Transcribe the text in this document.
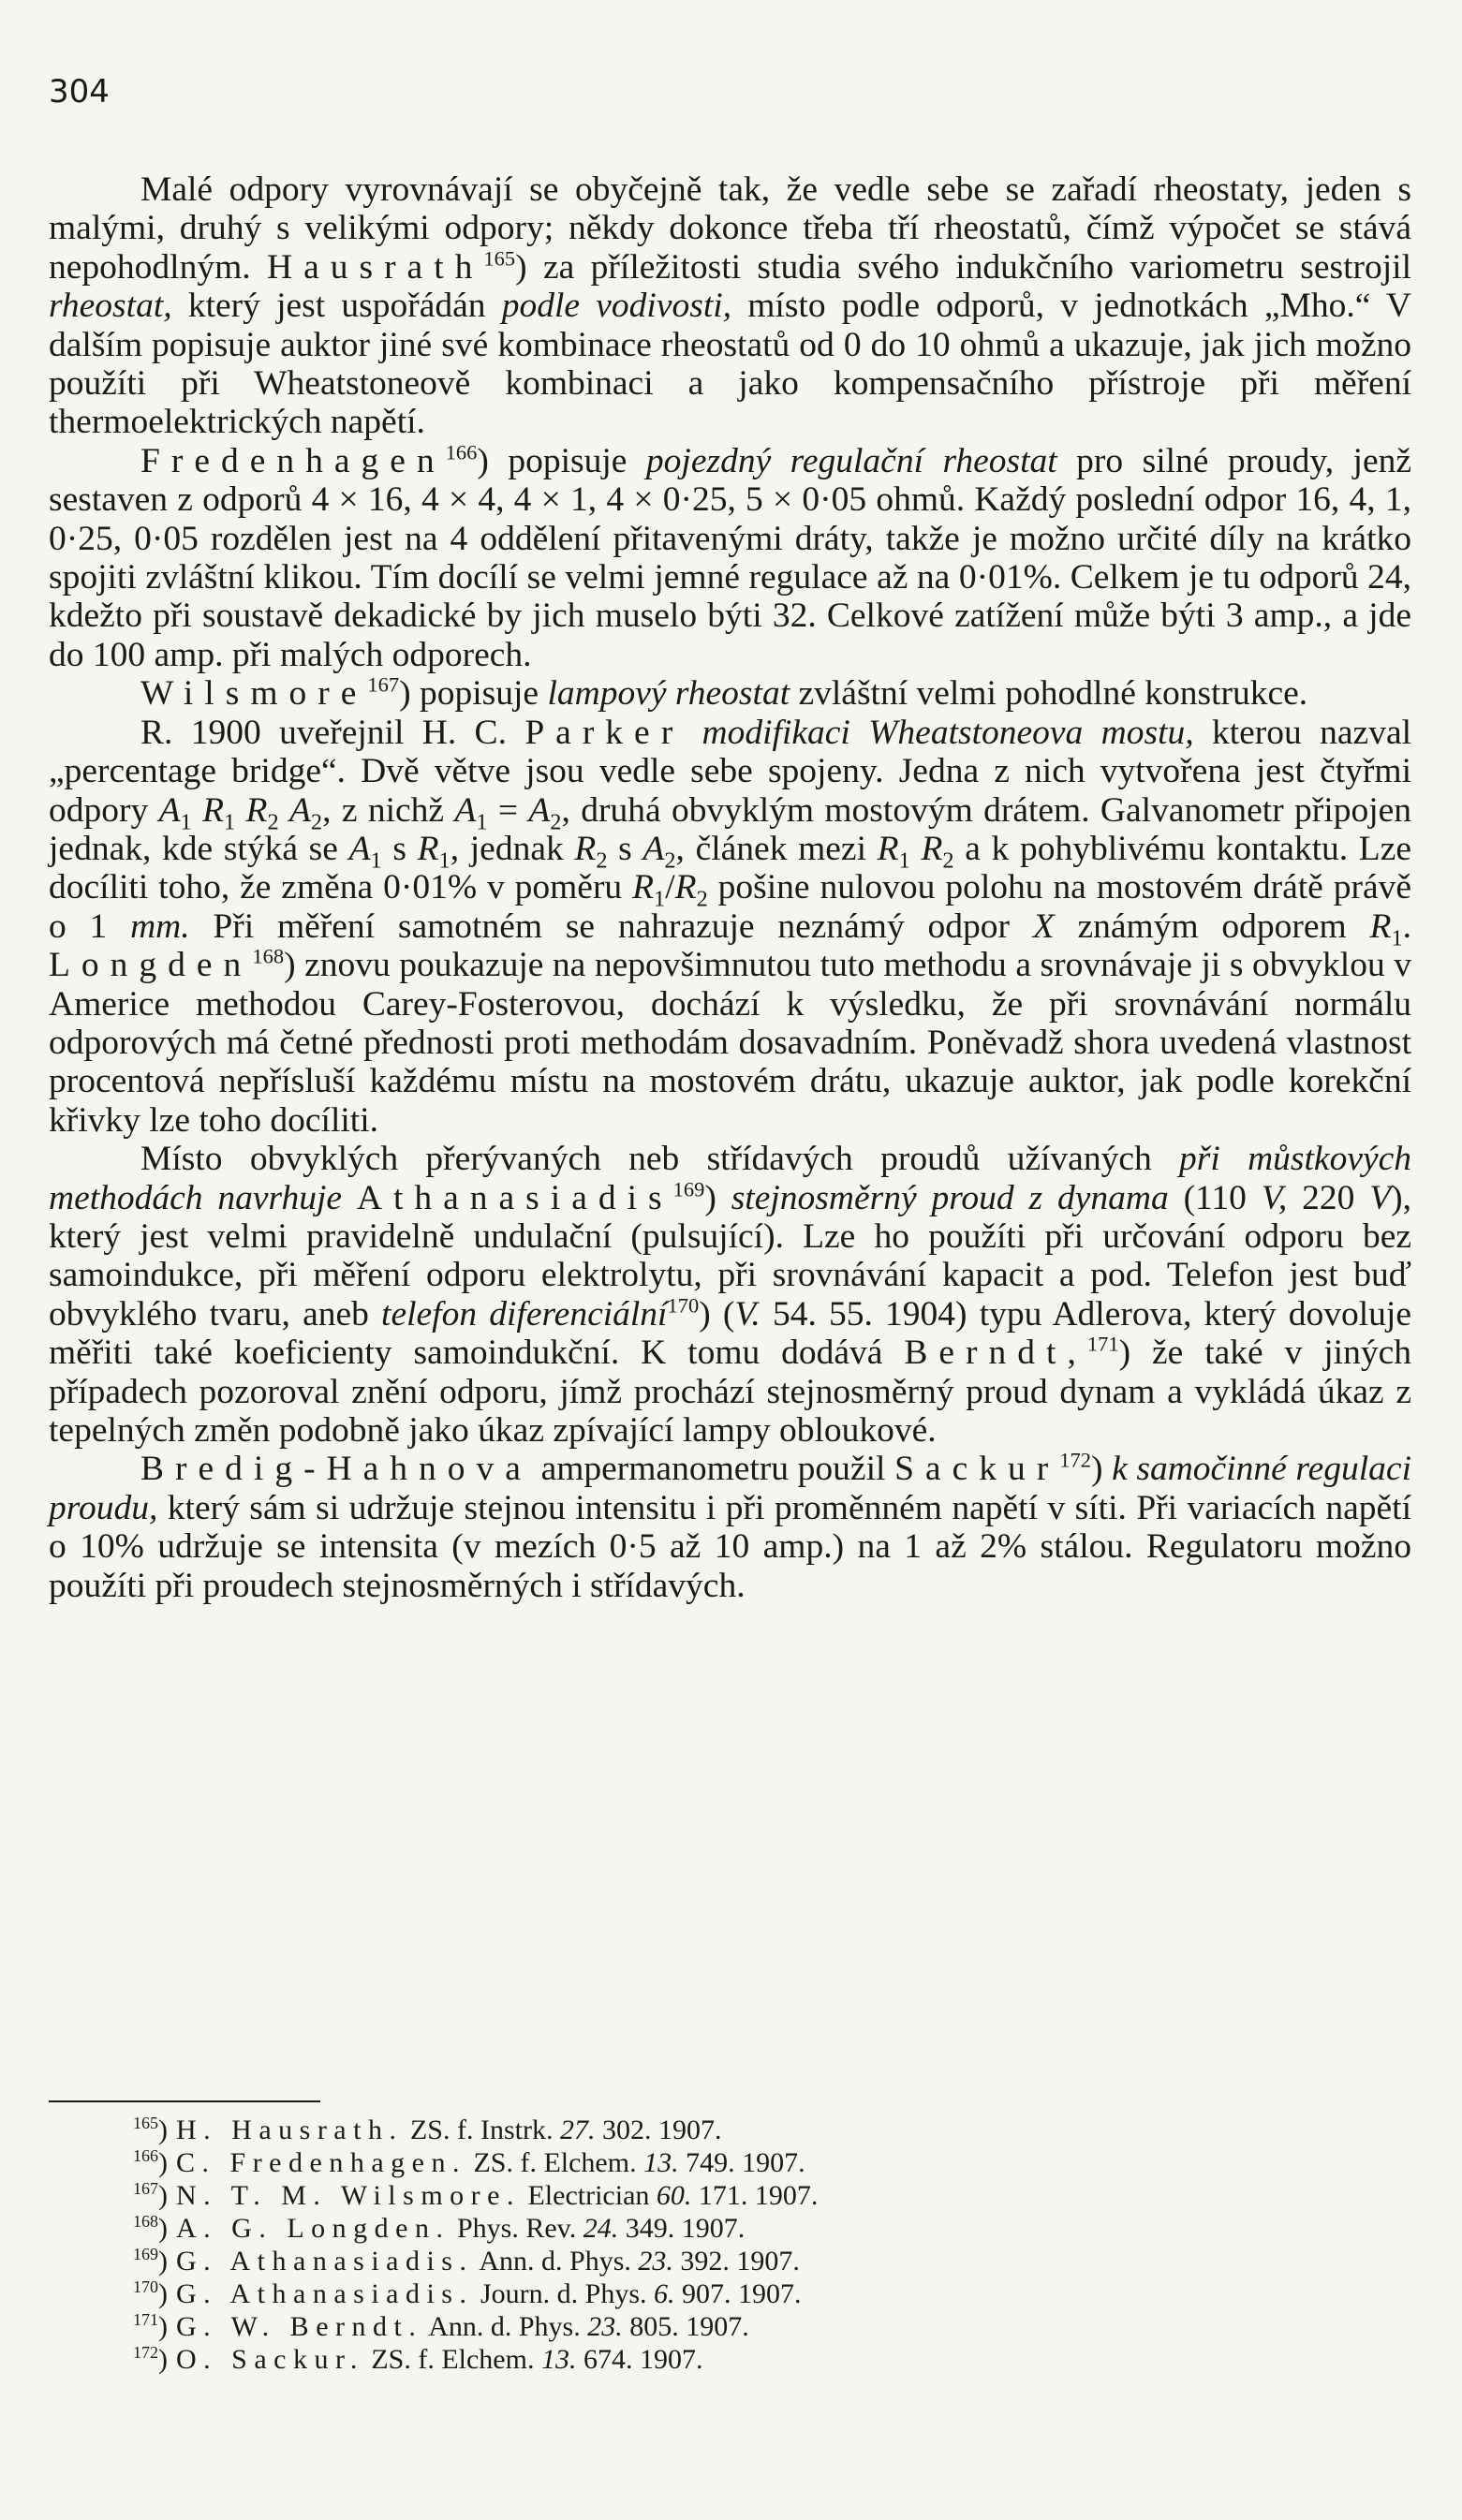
304

Malé odpory vyrovnávají se obyčejně tak, že vedle sebe se zařadí rheostaty, jeden s malými, druhý s velikými odpory; někdy dokonce třeba tří rheostatů, čímž výpočet se stává nepohodlným. Hausrath$^{165}$) za příležitosti studia svého indukčního variometru sestrojil rheostat, který jest uspořádán podle vodivosti, místo podle odporů, v jednotkách „Mho.“ V dalším popisuje auktor jiné své kombinace rheostatů od 0 do 10 ohmů a ukazuje, jak jich možno použíti při Wheatstoneově kombinaci a jako kompensačního přístroje při měření thermoelektrických napětí.

Fredenhagen$^{166}$) popisuje pojezdný regulační rheostat pro silné proudy, jenž sestaven z odporů 4 × 16, 4 × 4, 4 × 1, 4 × 0·25, 5 × 0·05 ohmů. Každý poslední odpor 16, 4, 1, 0·25, 0·05 rozdělen jest na 4 oddělení přitavenými dráty, takže je možno určité díly na krátko spojiti zvláštní klikou. Tím docílí se velmi jemné regulace až na 0·01%. Celkem je tu odporů 24, kdežto při soustavě dekadické by jich muselo býti 32. Celkové zatížení může býti 3 amp., a jde do 100 amp. při malých odporech.

Wilsmore$^{167}$) popisuje lampový rheostat zvláštní velmi pohodlné konstrukce.

R. 1900 uveřejnil H. C. Parker modifikaci Wheatstoneova mostu, kterou nazval „percentage bridge“. Dvě větve jsou vedle sebe spojeny. Jedna z nich vytvořena jest čtyřmi odpory $A_1$ $R_1$ $R_2$ $A_2$, z nichž $A_1 = A_2$, druhá obvyklým mostovým drátem. Galvanometr připojen jednak, kde stýká se $A_1$ s $R_1$, jednak $R_2$ s $A_2$, článek mezi $R_1$ $R_2$ a k pohyblivému kontaktu. Lze docíliti toho, že změna 0·01% v poměru $R_1/R_2$ pošine nulovou polohu na mostovém drátě právě o 1 mm. Při měření samotném se nahrazuje neznámý odpor X známým odporem $R_1$. Longden$^{168}$) znovu poukazuje na nepovšimnutou tuto methodu a srovnávaje ji s obvyklou v Americe methodou Carey-Fosterovou, dochází k výsledku, že při srovnávání normálu odporových má četné přednosti proti methodám dosavadním. Poněvadž shora uvedená vlastnost procentová nepřísluší každému místu na mostovém drátu, ukazuje auktor, jak podle korekční křivky lze toho docíliti.

Místo obvyklých přerývaných neb střídavých proudů užívaných při můstkových methodách navrhuje Athanasiadis$^{169}$) stejnosměrný proud z dynama (110 V, 220 V), který jest velmi pravidelně undulační (pulsující). Lze ho použíti při určování odporu bez samoindukce, při měření odporu elektrolytu, při srovnávání kapacit a pod. Telefon jest buď obvyklého tvaru, aneb telefon diferenciální$^{170}$) (V. 54. 55. 1904) typu Adlerova, který dovoluje měřiti také koeficienty samoindukční. K tomu dodává Berndt,$^{171}$) že také v jiných případech pozoroval znění odporu, jímž prochází stejnosměrný proud dynam a vykládá úkaz z tepelných změn podobně jako úkaz zpívající lampy obloukové.

Bredig-Hahnova ampermanometru použil Sackur$^{172}$) k samočinné regulaci proudu, který sám si udržuje stejnou intensitu i při proměnném napětí v síti. Při variacích napětí o 10% udržuje se intensita (v mezích 0·5 až 10 amp.) na 1 až 2% stálou. Regulatoru možno použíti při proudech stejnosměrných i střídavých.

$^{165}$) H. Hausrath. ZS. f. Instrk. 27. 302. 1907.
$^{166}$) C. Fredenhagen. ZS. f. Elchem. 13. 749. 1907.
$^{167}$) N. T. M. Wilsmore. Electrician 60. 171. 1907.
$^{168}$) A. G. Longden. Phys. Rev. 24. 349. 1907.
$^{169}$) G. Athanasiadis. Ann. d. Phys. 23. 392. 1907.
$^{170}$) G. Athanasiadis. Journ. d. Phys. 6. 907. 1907.
$^{171}$) G. W. Berndt. Ann. d. Phys. 23. 805. 1907.
$^{172}$) O. Sackur. ZS. f. Elchem. 13. 674. 1907.
